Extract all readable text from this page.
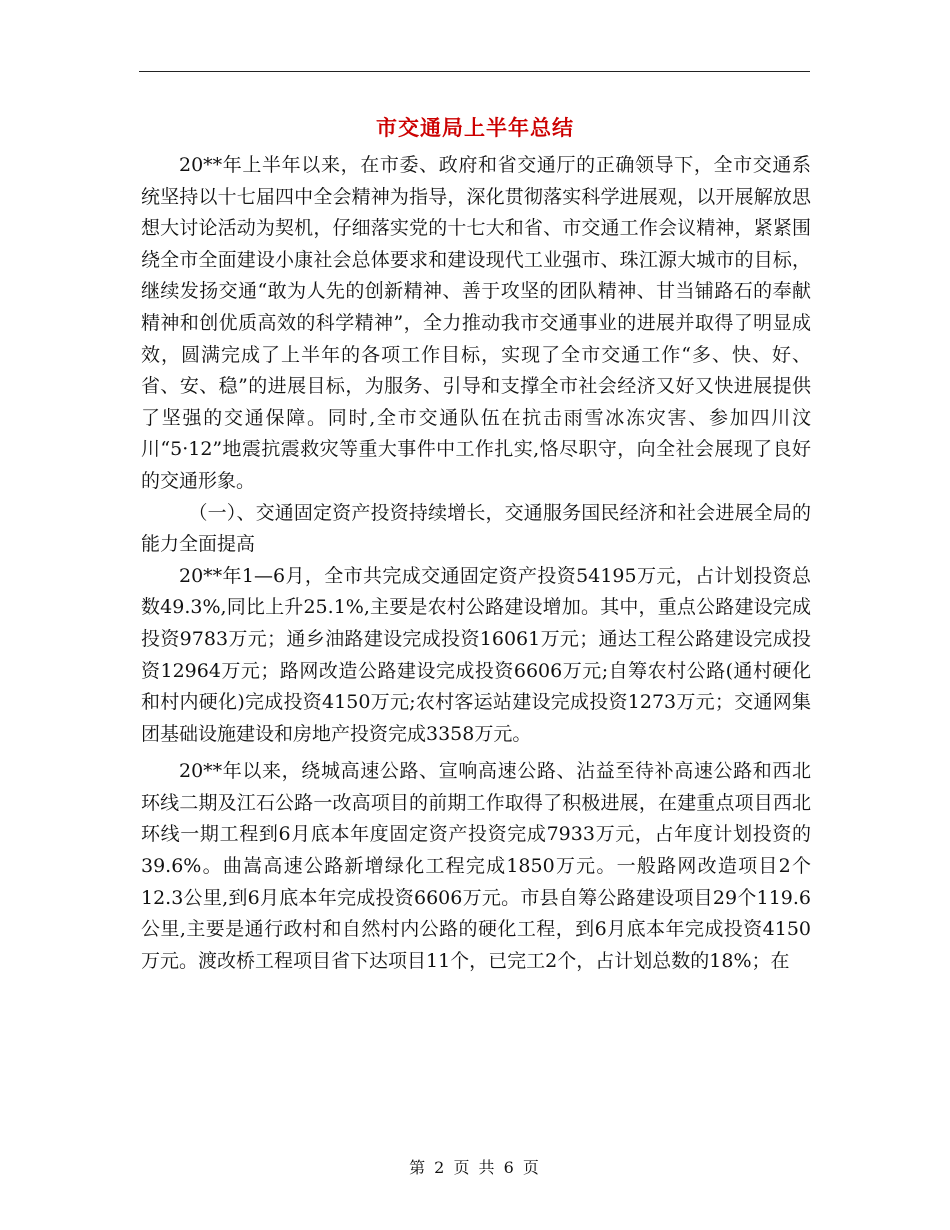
市交通局上半年总结

20**年上半年以来，在市委、政府和省交通厅的正确领导下，全市交通系统坚持以十七届四中全会精神为指导，深化贯彻落实科学进展观，以开展解放思想大讨论活动为契机，仔细落实党的十七大和省、市交通工作会议精神，紧紧围绕全市全面建设小康社会总体要求和建设现代工业强市、珠江源大城市的目标，继续发扬交通“敢为人先的创新精神、善于攻坚的团队精神、甘当铺路石的奉献精神和创优质高效的科学精神”，全力推动我市交通事业的进展并取得了明显成效，圆满完成了上半年的各项工作目标，实现了全市交通工作“多、快、好、省、安、稳”的进展目标，为服务、引导和支撑全市社会经济又好又快进展提供了坚强的交通保障。同时,全市交通队伍在抗击雨雪冰冻灾害、参加四川汶川“5·12”地震抗震救灾等重大事件中工作扎实,恪尽职守，向全社会展现了良好的交通形象。

（一）、交通固定资产投资持续增长，交通服务国民经济和社会进展全局的能力全面提高

20**年1—6月，全市共完成交通固定资产投资54195万元，占计划投资总数49.3%,同比上升25.1%,主要是农村公路建设增加。其中，重点公路建设完成投资9783万元；通乡油路建设完成投资16061万元；通达工程公路建设完成投资12964万元；路网改造公路建设完成投资6606万元;自筹农村公路(通村硬化和村内硬化)完成投资4150万元;农村客运站建设完成投资1273万元；交通网集团基础设施建设和房地产投资完成3358万元。

20**年以来，绕城高速公路、宣响高速公路、沾益至待补高速公路和西北环线二期及江石公路一改高项目的前期工作取得了积极进展，在建重点项目西北环线一期工程到6月底本年度固定资产投资完成7933万元，占年度计划投资的39.6%。曲嵩高速公路新增绿化工程完成1850万元。一般路网改造项目2个12.3公里,到6月底本年完成投资6606万元。市县自筹公路建设项目29个119.6公里,主要是通行政村和自然村内公路的硬化工程，到6月底本年完成投资4150万元。渡改桥工程项目省下达项目11个，已完工2个，占计划总数的18%；在

第 2 页 共 6 页
